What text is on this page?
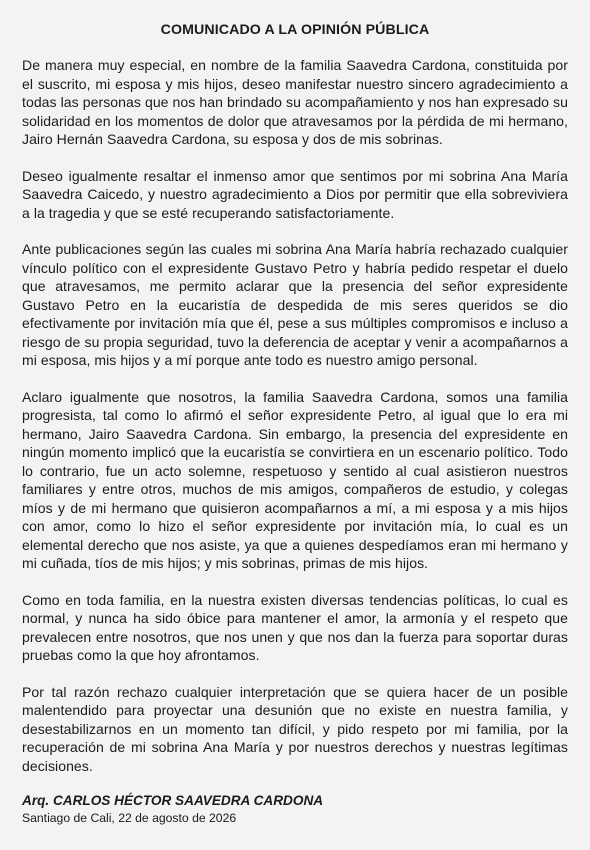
COMUNICADO A LA OPINIÓN PÚBLICA

De manera muy especial, en nombre de la familia Saavedra Cardona, constituida por el suscrito, mi esposa y mis hijos, deseo manifestar nuestro sincero agradecimiento a todas las personas que nos han brindado su acompañamiento y nos han expresado su solidaridad en los momentos de dolor que atravesamos por la pérdida de mi hermano, Jairo Hernán Saavedra Cardona, su esposa y dos de mis sobrinas.

Deseo igualmente resaltar el inmenso amor que sentimos por mi sobrina Ana María Saavedra Caicedo, y nuestro agradecimiento a Dios por permitir que ella sobreviviera a la tragedia y que se esté recuperando satisfactoriamente.

Ante publicaciones según las cuales mi sobrina Ana María habría rechazado cualquier vínculo político con el expresidente Gustavo Petro y habría pedido respetar el duelo que atravesamos, me permito aclarar que la presencia del señor expresidente Gustavo Petro en la eucaristía de despedida de mis seres queridos se dio efectivamente por invitación mía que él, pese a sus múltiples compromisos e incluso a riesgo de su propia seguridad, tuvo la deferencia de aceptar y venir a acompañarnos a mi esposa, mis hijos y a mí porque ante todo es nuestro amigo personal.

Aclaro igualmente que nosotros, la familia Saavedra Cardona, somos una familia progresista, tal como lo afirmó el señor expresidente Petro, al igual que lo era mi hermano, Jairo Saavedra Cardona. Sin embargo, la presencia del expresidente en ningún momento implicó que la eucaristía se convirtiera en un escenario político. Todo lo contrario, fue un acto solemne, respetuoso y sentido al cual asistieron nuestros familiares y entre otros, muchos de mis amigos, compañeros de estudio, y colegas míos y de mi hermano que quisieron acompañarnos a mí, a mi esposa y a mis hijos con amor, como lo hizo el señor expresidente por invitación mía, lo cual es un elemental derecho que nos asiste, ya que a quienes despedíamos eran mi hermano y mi cuñada, tíos de mis hijos; y mis sobrinas, primas de mis hijos.

Como en toda familia, en la nuestra existen diversas tendencias políticas, lo cual es normal, y nunca ha sido óbice para mantener el amor, la armonía y el respeto que prevalecen entre nosotros, que nos unen y que nos dan la fuerza para soportar duras pruebas como la que hoy afrontamos.

Por tal razón rechazo cualquier interpretación que se quiera hacer de un posible malentendido para proyectar una desunión que no existe en nuestra familia, y desestabilizarnos en un momento tan difícil, y pido respeto por mi familia, por la recuperación de mi sobrina Ana María y por nuestros derechos y nuestras legítimas decisiones.

Arq. CARLOS HÉCTOR SAAVEDRA CARDONA

Santiago de Cali, 22 de agosto de 2026
